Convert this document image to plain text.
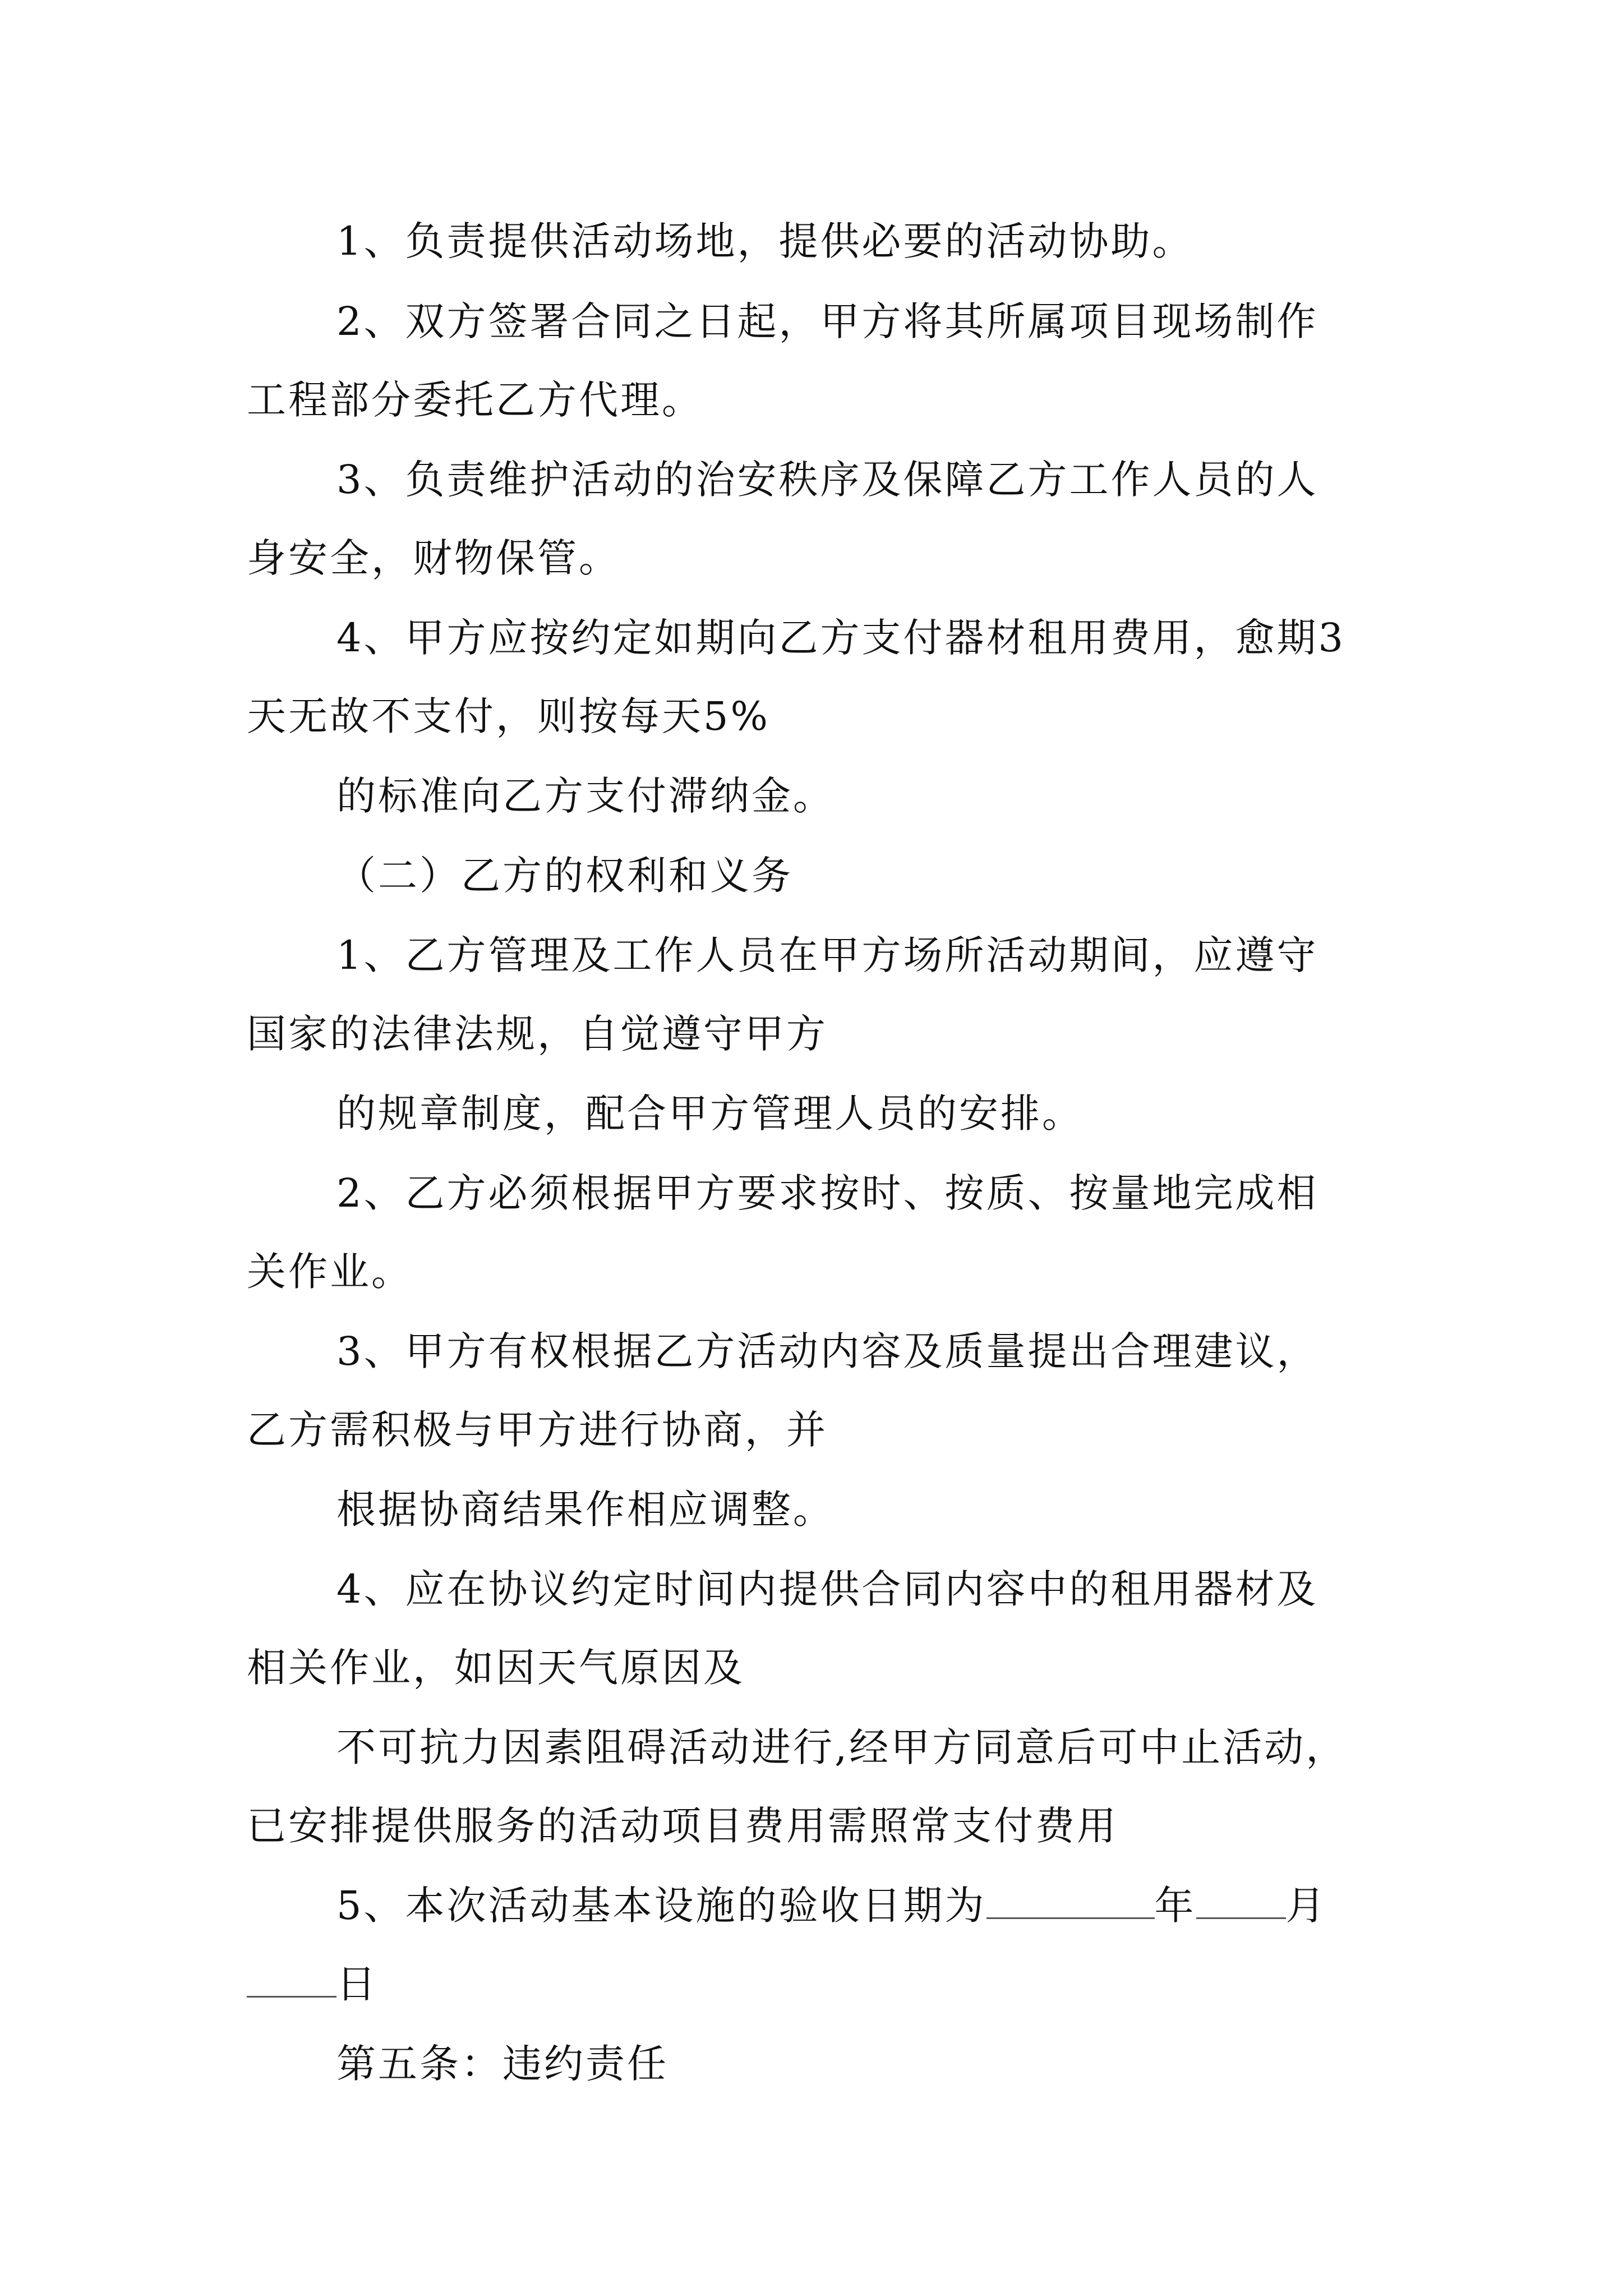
1、负责提供活动场地，提供必要的活动协助。
2、双方签署合同之日起，甲方将其所属项目现场制作
工程部分委托乙方代理。
3、负责维护活动的治安秩序及保障乙方工作人员的人
身安全，财物保管。
4、甲方应按约定如期向乙方支付器材租用费用，愈期3
天无故不支付，则按每天5%
的标准向乙方支付滞纳金。
（二）乙方的权利和义务
1、乙方管理及工作人员在甲方场所活动期间，应遵守
国家的法律法规，自觉遵守甲方
的规章制度，配合甲方管理人员的安排。
2、乙方必须根据甲方要求按时、按质、按量地完成相
关作业。
3、甲方有权根据乙方活动内容及质量提出合理建议，
乙方需积极与甲方进行协商，并
根据协商结果作相应调整。
4、应在协议约定时间内提供合同内容中的租用器材及
相关作业，如因天气原因及
不可抗力因素阻碍活动进行,经甲方同意后可中止活动，
已安排提供服务的活动项目费用需照常支付费用
5、本次活动基本设施的验收日期为	年 月
日
第五条：违约责任
